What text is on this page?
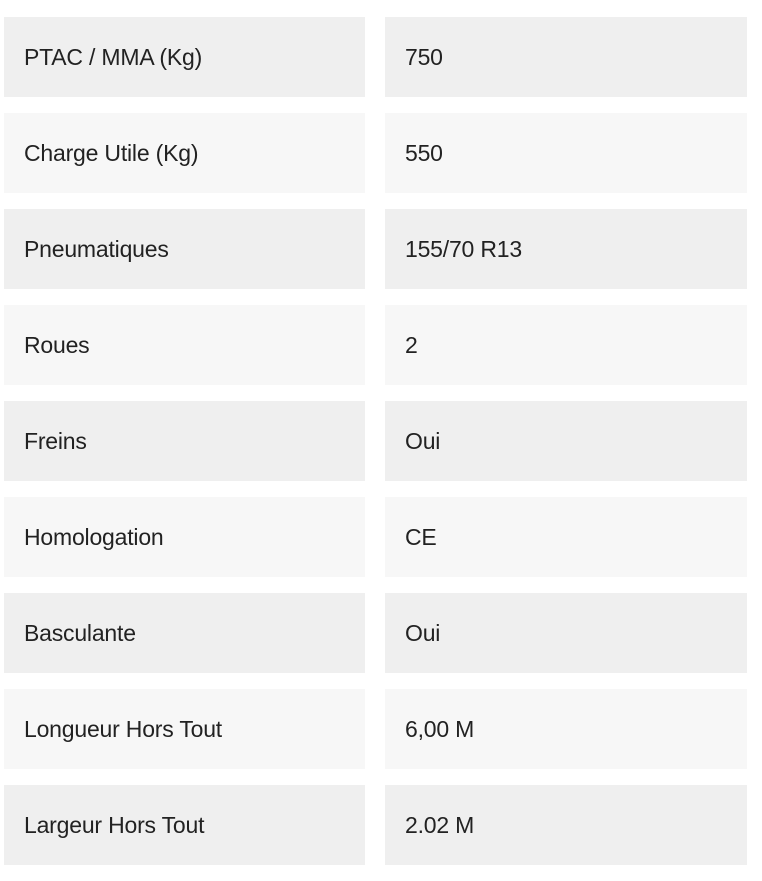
PTAC / MMA (Kg)	750
Charge Utile (Kg)	550
Pneumatiques	155/70 R13
Roues	2
Freins	Oui
Homologation	CE
Basculante	Oui
Longueur Hors Tout	6,00 M
Largeur Hors Tout	2.02 M
